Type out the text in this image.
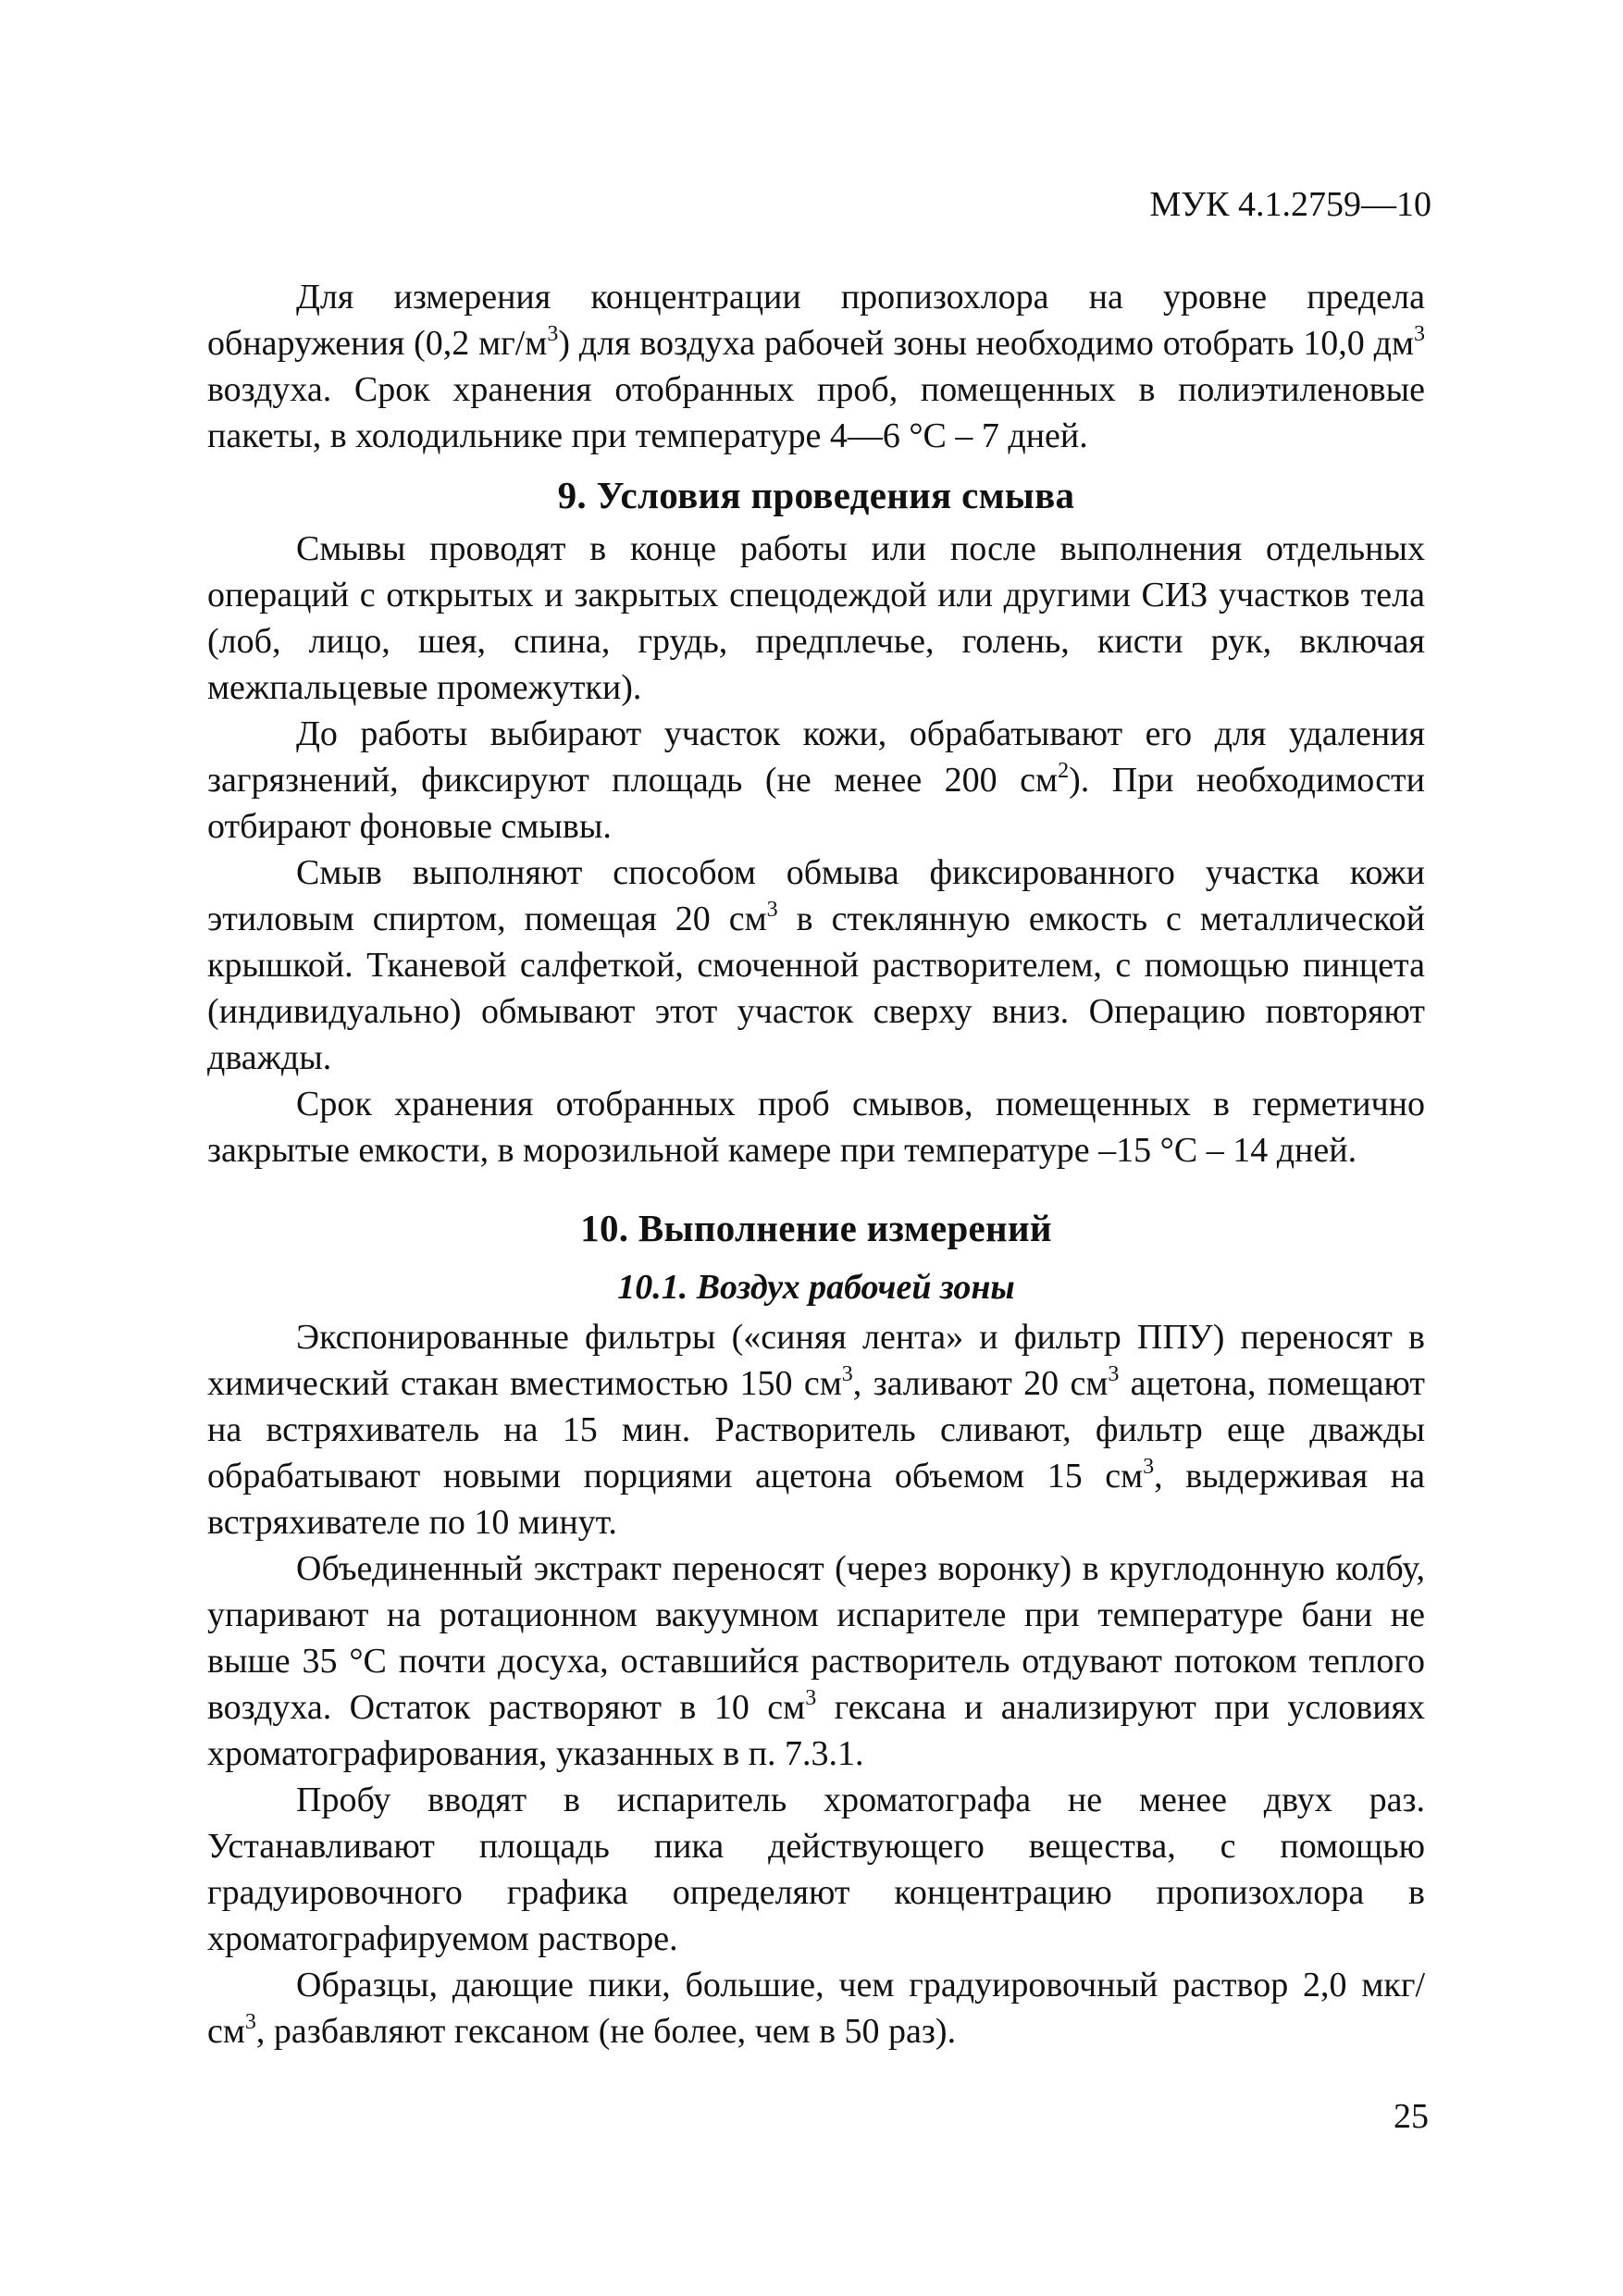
МУК 4.1.2759—10

Для измерения концентрации пропизохлора на уровне предела обнаружения (0,2 $мг/м^3$) для воздуха рабочей зоны необходимо отобрать 10,0 $дм^3$ воздуха. Срок хранения отобранных проб, помещенных в полиэтиленовые пакеты, в холодильнике при температуре 4—6 °С – 7 дней.

9. Условия проведения смыва

Смывы проводят в конце работы или после выполнения отдельных операций с открытых и закрытых спецодеждой или другими СИЗ участков тела (лоб, лицо, шея, спина, грудь, предплечье, голень, кисти рук, включая межпальцевые промежутки).

До работы выбирают участок кожи, обрабатывают его для удаления загрязнений, фиксируют площадь (не менее 200 $см^2$). При необходимости отбирают фоновые смывы.

Смыв выполняют способом обмыва фиксированного участка кожи этиловым спиртом, помещая 20 $см^3$ в стеклянную емкость с металлической крышкой. Тканевой салфеткой, смоченной растворителем, с помощью пинцета (индивидуально) обмывают этот участок сверху вниз. Операцию повторяют дважды.

Срок хранения отобранных проб смывов, помещенных в герметично закрытые емкости, в морозильной камере при температуре –15 °С – 14 дней.

10. Выполнение измерений
10.1. Воздух рабочей зоны

Экспонированные фильтры («синяя лента» и фильтр ППУ) переносят в химический стакан вместимостью 150 $см^3$, заливают 20 $см^3$ ацетона, помещают на встряхиватель на 15 мин. Растворитель сливают, фильтр еще дважды обрабатывают новыми порциями ацетона объемом 15 $см^3$, выдерживая на встряхивателе по 10 минут.

Объединенный экстракт переносят (через воронку) в круглодонную колбу, упаривают на ротационном вакуумном испарителе при температуре бани не выше 35 °С почти досуха, оставшийся растворитель отдувают потоком теплого воздуха. Остаток растворяют в 10 $см^3$ гексана и анализируют при условиях хроматографирования, указанных в п. 7.3.1.

Пробу вводят в испаритель хроматографа не менее двух раз. Устанавливают площадь пика действующего вещества, с помощью градуировочного графика определяют концентрацию пропизохлора в хроматографируемом растворе.

Образцы, дающие пики, большие, чем градуировочный раствор 2,0 мкг/$см^3$, разбавляют гексаном (не более, чем в 50 раз).

25
